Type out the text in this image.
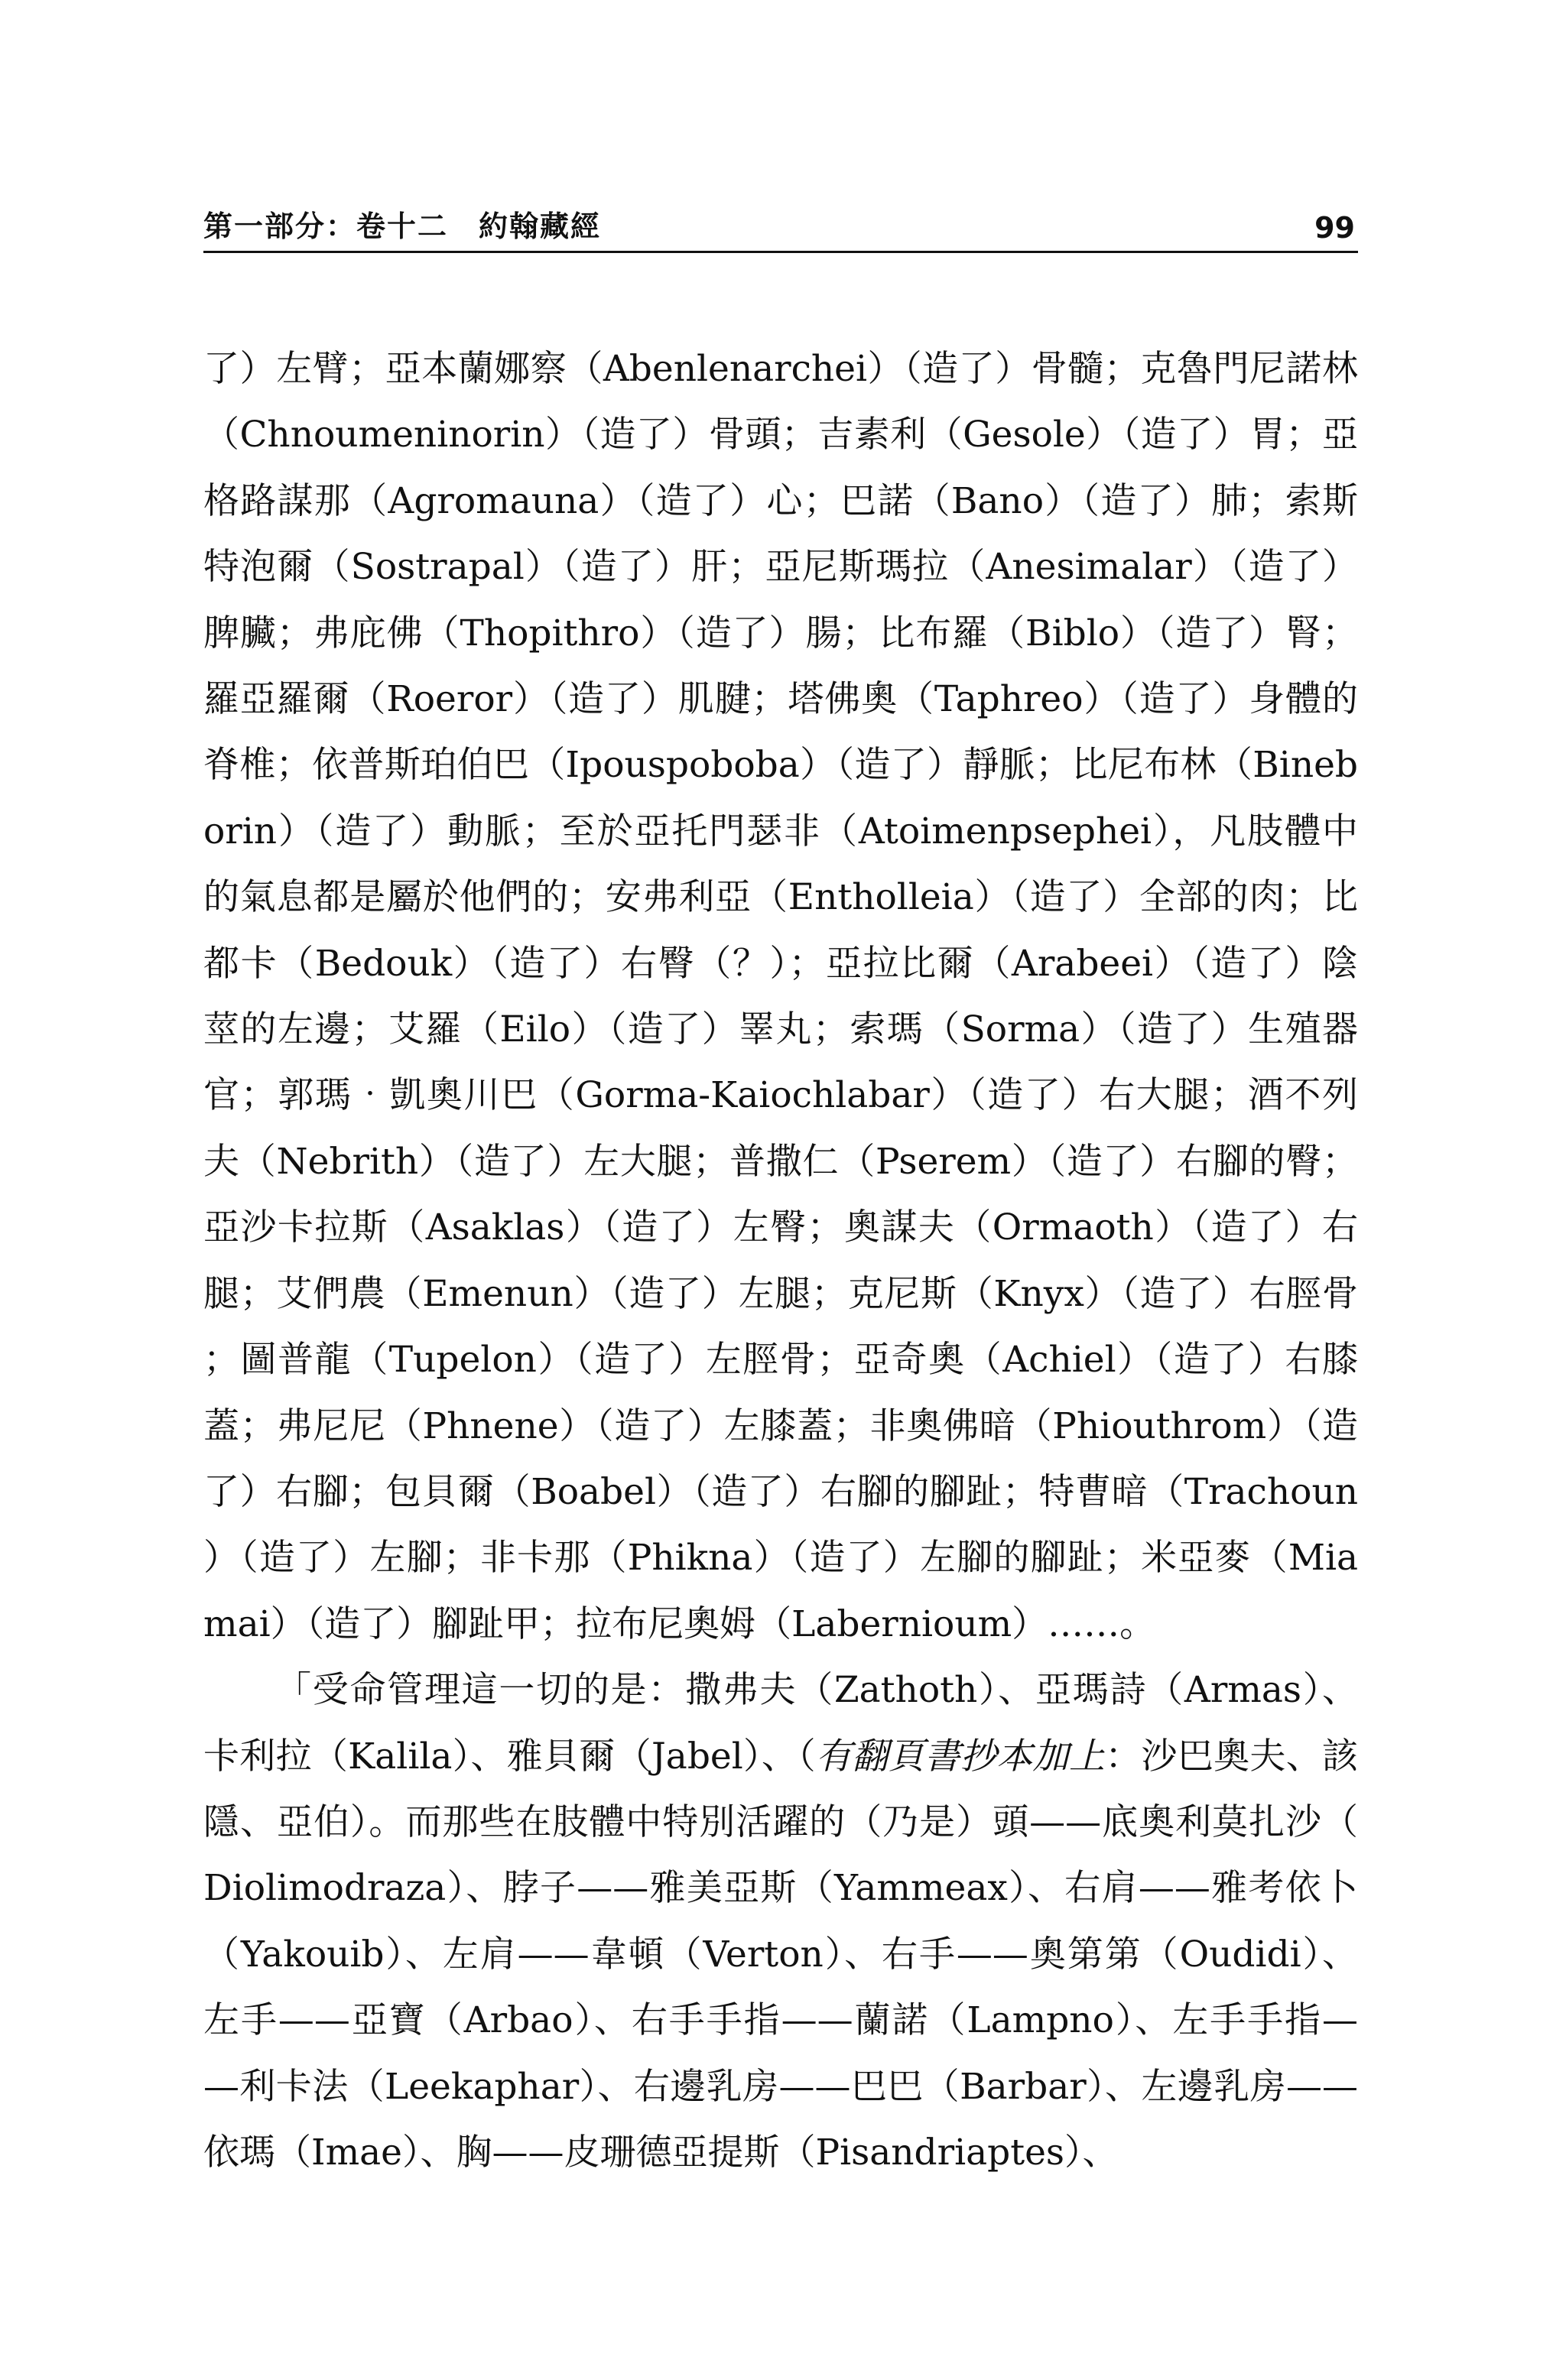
第一部分：卷十二　約翰藏經	99

了）左臂；亞本蘭娜察（Abenlenarchei）（造了）骨髓；克魯門尼諾林（Chnoumeninorin）（造了）骨頭；吉素利（Gesole）（造了）胃；亞格路謀那（Agromauna）（造了）心；巴諾（Bano）（造了）肺；索斯特泡爾（Sostrapal）（造了）肝；亞尼斯瑪拉（Anesimalar）（造了）脾臟；弗庇佛（Thopithro）（造了）腸；比布羅（Biblo）（造了）腎；羅亞羅爾（Roeror）（造了）肌腱；塔佛奧（Taphreo）（造了）身體的脊椎；依普斯珀伯巴（Ipouspoboba）（造了）靜脈；比尼布林（Bineborin）（造了）動脈；至於亞托門瑟非（Atoimenpsephei），凡肢體中的氣息都是屬於他們的；安弗利亞（Entholleia）（造了）全部的肉；比都卡（Bedouk）（造了）右臀（？）；亞拉比爾（Arabeei）（造了）陰莖的左邊；艾羅（Eilo）（造了）睪丸；索瑪（Sorma）（造了）生殖器官；郭瑪‧凱奧川巴（Gorma-Kaiochlabar）（造了）右大腿；酒不列夫（Nebrith）（造了）左大腿；普撒仁（Pserem）（造了）右腳的臀；亞沙卡拉斯（Asaklas）（造了）左臀；奧謀夫（Ormaoth）（造了）右腿；艾們農（Emenun）（造了）左腿；克尼斯（Knyx）（造了）右脛骨；圖普龍（Tupelon）（造了）左脛骨；亞奇奧（Achiel）（造了）右膝蓋；弗尼尼（Phnene）（造了）左膝蓋；非奧佛暗（Phiouthrom）（造了）右腳；包貝爾（Boabel）（造了）右腳的腳趾；特曹暗（Trachoun）（造了）左腳；非卡那（Phikna）（造了）左腳的腳趾；米亞麥（Miamai）（造了）腳趾甲；拉布尼奧姆（Labernioum）……。

「受命管理這一切的是：撒弗夫（Zathoth）、亞瑪詩（Armas）、卡利拉（Kalila）、雅貝爾（Jabel）、（有翻頁書抄本加上：沙巴奧夫、該隱、亞伯）。而那些在肢體中特別活躍的（乃是）頭——底奧利莫扎沙（Diolimodraza）、脖子——雅美亞斯（Yammeax）、右肩——雅考依卜（Yakouib）、左肩——韋頓（Verton）、右手——奧第第（Oudidi）、左手——亞寶（Arbao）、右手手指——蘭諾（Lampno）、左手手指——利卡法（Leekaphar）、右邊乳房——巴巴（Barbar）、左邊乳房——依瑪（Imae）、胸——皮珊德亞提斯（Pisandriaptes）、
